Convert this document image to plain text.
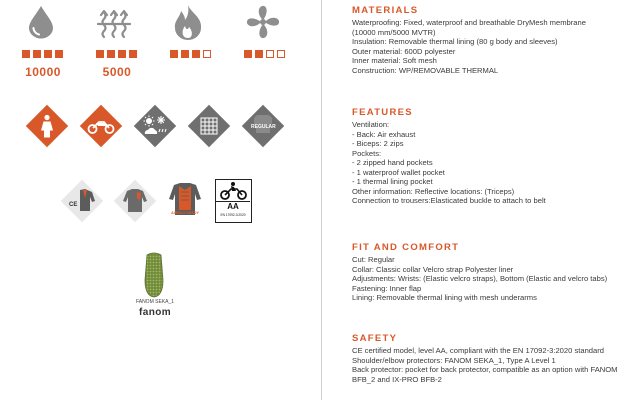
10000	5000
REGULAR
CE
AIRBAG READY
AA
EN 17092-3:2020
FANOM SEKA_1
fanom
MATERIALS
Waterproofing: Fixed, waterproof and breathable DryMesh membrane
(10000 mm/5000 MVTR)
Insulation: Removable thermal lining (80 g body and sleeves)
Outer material: 600D polyester
Inner material: Soft mesh
Construction: WP/REMOVABLE THERMAL
FEATURES
Ventilation:
- Back: Air exhaust
- Biceps: 2 zips
Pockets:
- 2 zipped hand pockets
- 1 waterproof wallet pocket
- 1 thermal lining pocket
Other information: Reflective locations: (Triceps)
Connection to trousers:Elasticated buckle to attach to belt
FIT AND COMFORT
Cut: Regular
Collar: Classic collar Velcro strap Polyester liner
Adjustments: Wrists: (Elastic velcro straps), Bottom (Elastic and velcro tabs)
Fastening: Inner flap
Lining: Removable thermal lining with mesh underarms
SAFETY
CE certified model, level AA, compliant with the EN 17092-3:2020 standard
Shoulder/elbow protectors: FANOM SEKA_1, Type A Level 1
Back protector: pocket for back protector, compatible as an option with FANOM
BFB_2 and IX-PRO BFB-2
